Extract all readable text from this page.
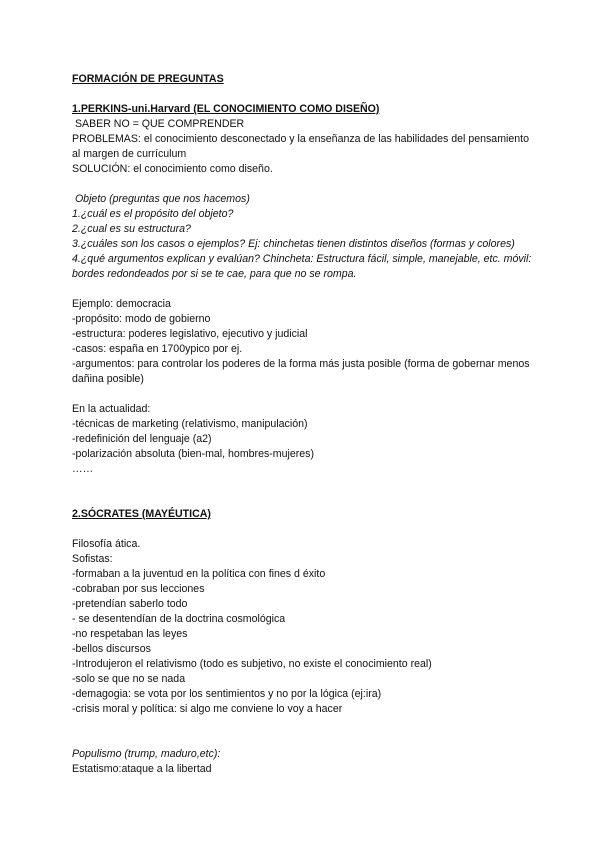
FORMACIÓN DE PREGUNTAS

1.PERKINS-uni.Harvard (EL CONOCIMIENTO COMO DISEÑO)

SABER NO = QUE COMPRENDER

PROBLEMAS: el conocimiento desconectado y la enseñanza de las habilidades del pensamiento al margen de currículum

SOLUCIÓN: el conocimiento como diseño.

Objeto (preguntas que nos hacemos)

1.¿cuál es el propósito del objeto?

2.¿cual es su estructura?

3.¿cuáles son los casos o ejemplos? Ej: chinchetas tienen distintos diseños (formas y colores)

4.¿qué argumentos explican y evalúan? Chincheta: Estructura fácil, simple, manejable, etc. móvil: bordes redondeados por si se te cae, para que no se rompa.

Ejemplo: democracia

-propósito: modo de gobierno

-estructura: poderes legislativo, ejecutivo y judicial

-casos: españa en 1700ypico por ej.

-argumentos: para controlar los poderes de la forma más justa posible (forma de gobernar menos dañina posible)

En la actualidad:

-técnicas de marketing (relativismo, manipulación)

-redefinición del lenguaje (a2)

-polarización absoluta (bien-mal, hombres-mujeres)

……

2.SÓCRATES (MAYÉUTICA)

Filosofía ática.

Sofistas:

-formaban a la juventud en la política con fines d éxito

-cobraban por sus lecciones

-pretendían saberlo todo

- se desentendían de la doctrina cosmológica

-no respetaban las leyes

-bellos discursos

-Introdujeron el relativismo (todo es subjetivo, no existe el conocimiento real)

-solo se que no se nada

-demagogia: se vota por los sentimientos y no por la lógica (ej:ira)

-crisis moral y política: si algo me conviene lo voy a hacer

Populismo (trump, maduro,etc):

Estatismo:ataque a la libertad
